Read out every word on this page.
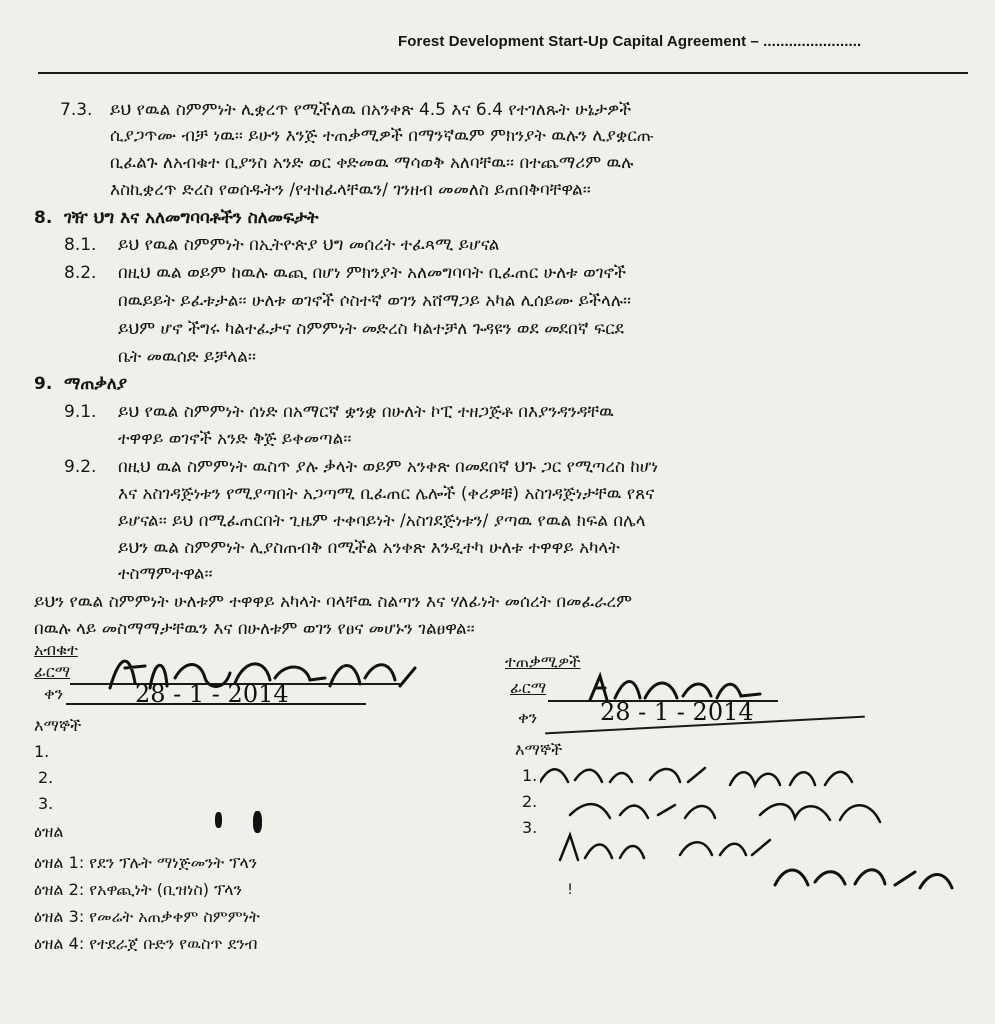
Forest Development Start-Up Capital Agreement – .......................
7.3. ይህ የዉል ስምምነት ሊቋረጥ የሚችለዉ በአንቀጽ 4.5 እና 6.4 የተገለጹት ሁኔታዎች
ሲያጋጥሙ ብቻ ነዉ፡፡ ይሁን እንጅ ተጠቃሚዎች በማንኛዉም ምክንያት ዉሉን ሊያቋርጡ
ቢፈልጉ ለአብቁተ ቢያንስ አንድ ወር ቀድመዉ ማሳወቅ አለባቸዉ፡፡ በተጨማሪም ዉሉ
እስኪቋረጥ ድረስ የወሰዱትን /የተከፈላቸዉን/ ገንዘብ መመለስ ይጠበቅባቸዋል፡፡
8. ገዥ ህግ እና አለመግባባቶችን ስለመፍታት
8.1. ይህ የዉል ስምምነት በኢትዮጵያ ህግ መሰረት ተፈጻሚ ይሆናል
8.2. በዚህ ዉል ወይም ከዉሉ ዉጪ በሆነ ምክንያት አለመግባባት ቢፈጠር ሁለቱ ወገኖች
በዉይይት ይፈቱታል፡፡ ሁለቱ ወገኖች ሶስተኛ ወገን አሸማጋይ አካል ሊሰይሙ ይችላሉ፡፡
ይህም ሆኖ ችግሩ ካልተፈታና ስምምነት መድረስ ካልተቻለ ጉዳዩን ወደ መደበኛ ፍርደ
ቤት መዉሰድ ይቻላል፡፡
9. ማጠቃለያ
9.1. ይህ የዉል ስምምነት ሰነድ በአማርኛ ቋንቋ በሁለት ኮፒ ተዘጋጅቶ በእያንዳንዳቸዉ
ተዋዋይ ወገኖች አንድ ቅጅ ይቀመጣል፡፡
9.2. በዚህ ዉል ስምምነት ዉስጥ ያሉ ቃላት ወይም አንቀጽ በመደበኛ ህጉ ጋር የሚጣረስ ከሆነ
እና አስገዳጅነቱን የሚያጣበት አጋጣሚ ቢፈጠር ሌሎች (ቀሪዎቹ) አስገዳጅነታቸዉ የጸና
ይሆናል፡፡ ይህ በሚፈጠርበት ጊዜም ተቀባይነት /አስገደጅነቱን/ ያጣዉ የዉል ክፍል በሌላ
ይህን ዉል ስምምነት ሊያስጠብቅ በሚችል አንቀጽ እንዲተካ ሁለቱ ተዋዋይ አካላት
ተስማምተዋል፡፡
ይህን የዉል ስምምነት ሁለቱም ተዋዋይ አካላት ባላቸዉ ስልጣን እና ሃለፊነት መሰረት በመፈራረም
በዉሉ ላይ መስማማታቸዉን እና በሁለቱም ወገን የፀና መሆኑን ገልፀዋል፡፡
አብቁተ
ፊርማ
ቀን	28 - 1 - 2014
እማኞች
1.
2.
3.
ዕዝል
ዕዝል 1: የደን ፕሉት ማነጅመንት ፕላን
ዕዝል 2: የአዋጪነት (ቢዝነስ) ፕላን
ዕዝል 3: የመሬት አጠቃቀም ስምምነት
ዕዝል 4: የተደራጀ ቡድን የዉስጥ ደንብ
ተጠቃሚዎች
ፊርማ
ቀን	28 - 1 - 2014
እማኞች
1.
2.
3.
ǃ
